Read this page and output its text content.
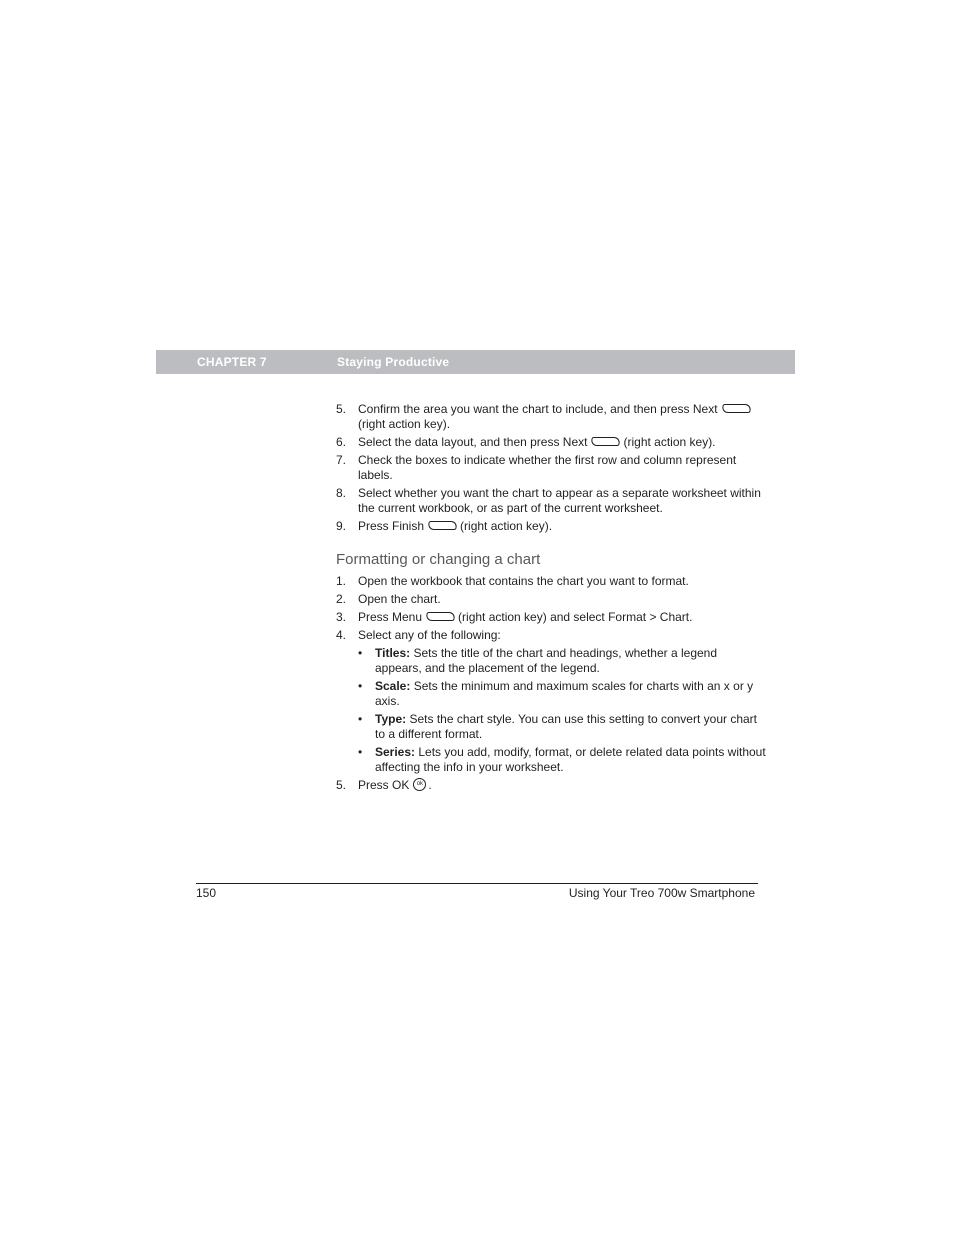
CHAPTER 7	Staying Productive
5. Confirm the area you want the chart to include, and then press Next(right action key).
6. Select the data layout, and then press Next	(right action key).
7. Check the boxes to indicate whether the first row and column represent labels.
8. Select whether you want the chart to appear as a separate worksheet within the current workbook, or as part of the current worksheet.
9. Press Finish	(right action key).
Formatting or changing a chart
1. Open the workbook that contains the chart you want to format.
2. Open the chart.
3. Press Menu	(right action key) and select Format > Chart.
4. Select any of the following:
• Titles: Sets the title of the chart and headings, whether a legend appears, and the placement of the legend.
• Scale: Sets the minimum and maximum scales for charts with an x or y axis.
• Type: Sets the chart style. You can use this setting to convert your chart to a different format.
• Series: Lets you add, modify, format, or delete related data points without affecting the info in your worksheet.
5. Press OK ok .
150	Using Your Treo 700w Smartphone
